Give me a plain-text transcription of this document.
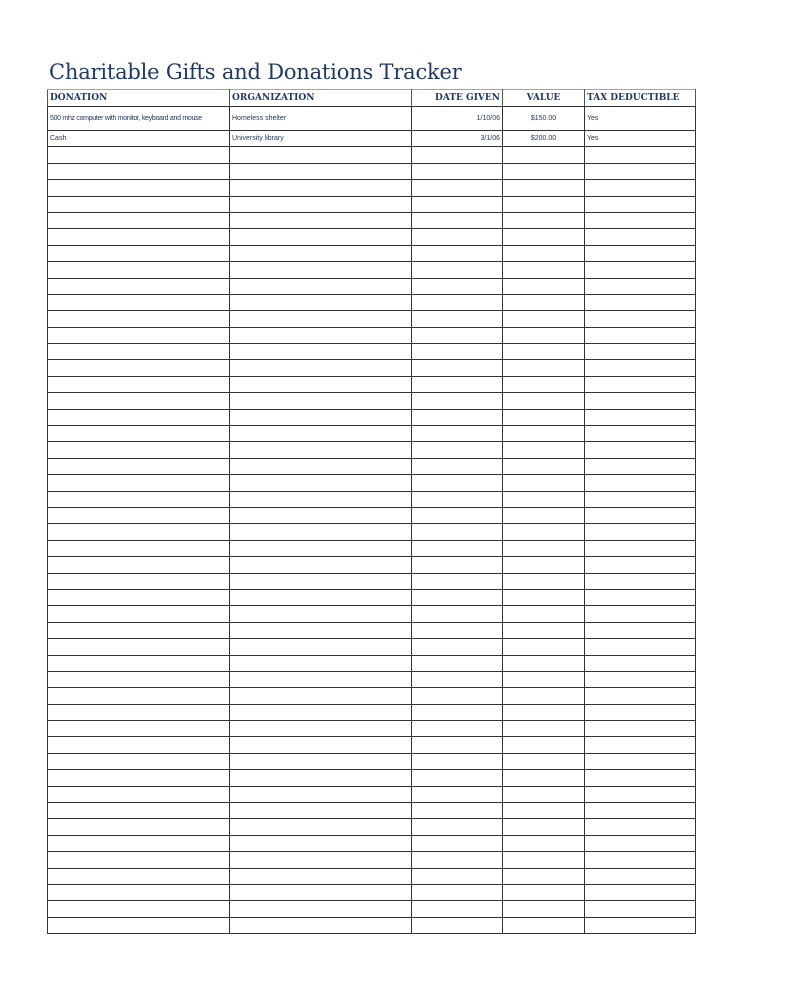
Charitable Gifts and Donations Tracker
DONATION	ORGANIZATION	DATE GIVEN	VALUE	TAX DEDUCTIBLE
500 mhz computer with monitor, keyboard and mouse	Homeless shelter	1/10/06	$150.00	Yes
Cash	University library	3/1/06	$200.00	Yes
